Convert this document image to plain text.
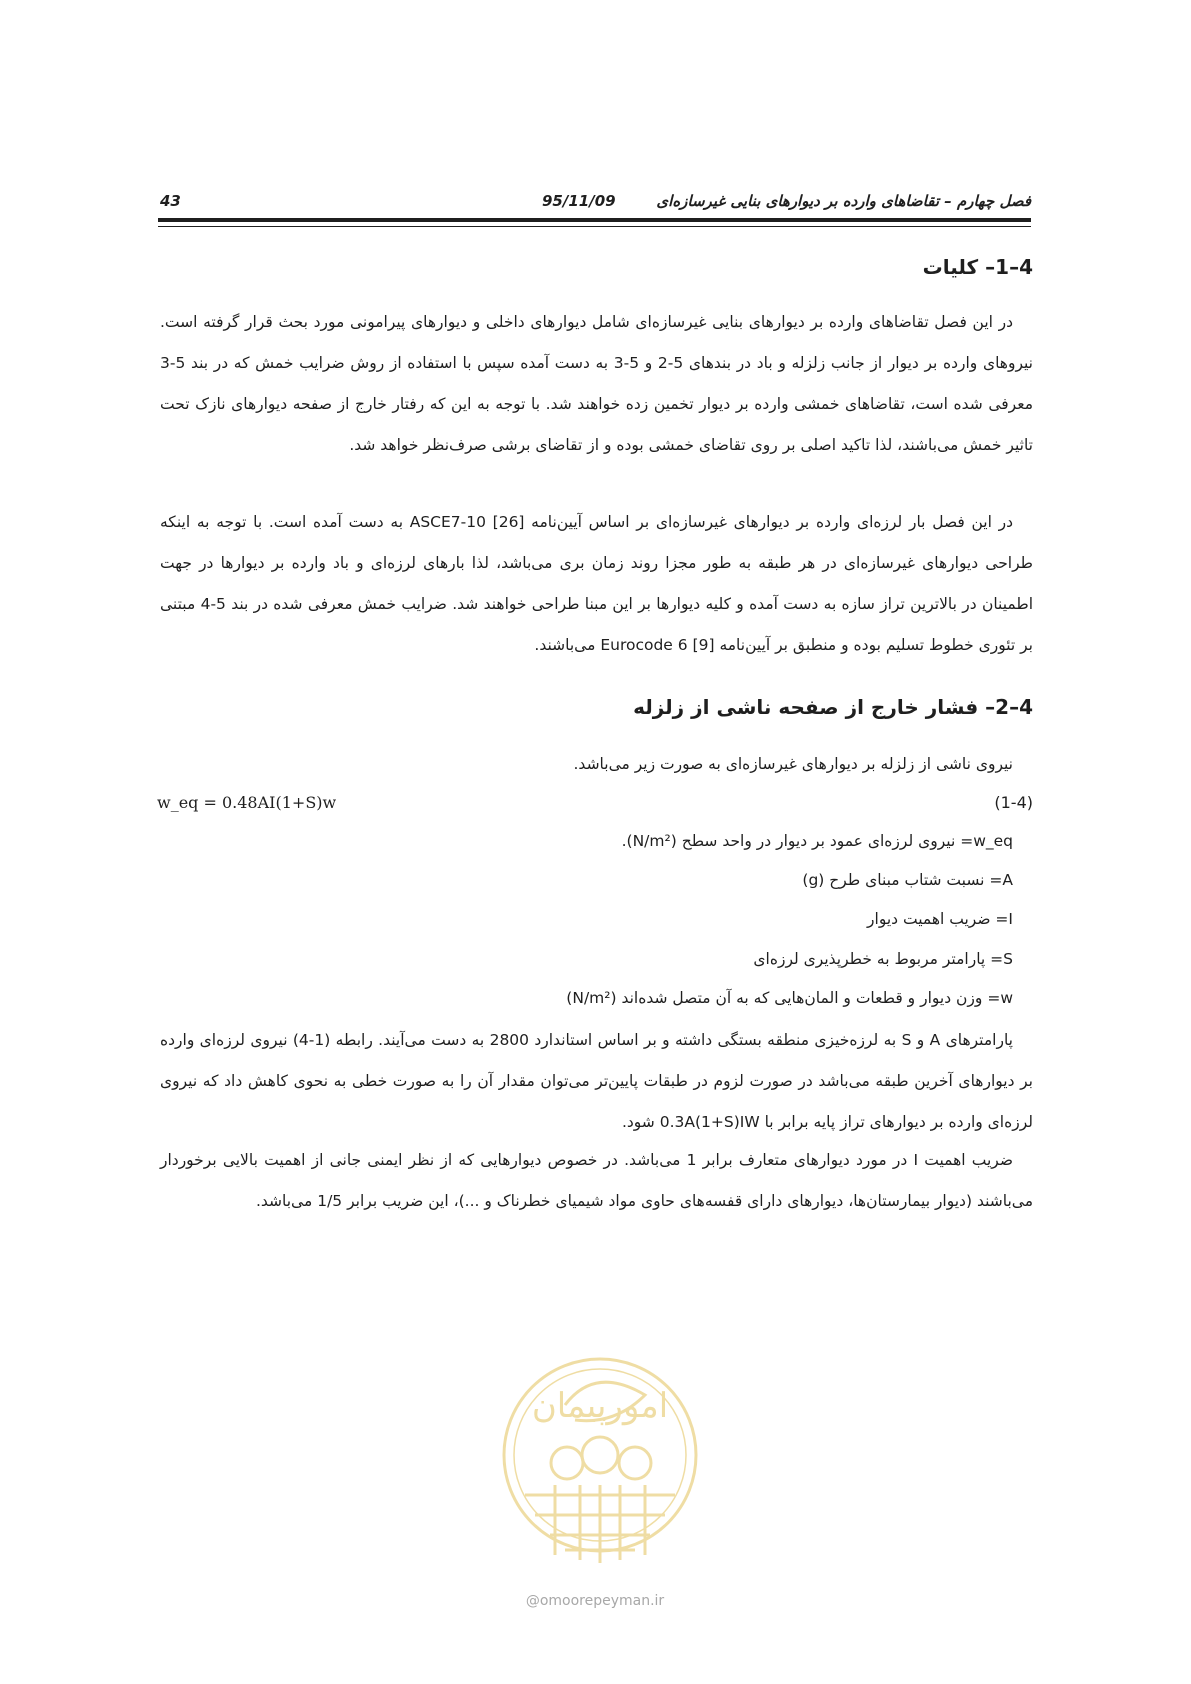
فصل چهارم – تقاضاهای وارده بر دیوارهای بنایی غیرسازه‌ای
95/11/09
43
4–1– کلیات
در این فصل تقاضاهای وارده بر دیوارهای بنایی غیرسازه‌ای شامل دیوارهای داخلی و دیوارهای پیرامونی مورد بحث قرار گرفته است. نیروهای وارده بر دیوار از جانب زلزله و باد در بندهای 5-2 و 5-3 به دست آمده سپس با استفاده از روش ضرایب خمش که در بند 5-3 معرفی شده است، تقاضاهای خمشی وارده بر دیوار تخمین زده خواهند شد. با توجه به این که رفتار خارج از صفحه دیوارهای نازک تحت تاثیر خمش می‌باشند، لذا تاکید اصلی بر روی تقاضای خمشی بوده و از تقاضای برشی صرف‌نظر خواهد شد.
در این فصل بار لرزه‌ای وارده بر دیوارهای غیرسازه‌ای بر اساس آیین‌نامه ASCE7-10 [26] به دست آمده است. با توجه به اینکه طراحی دیوارهای غیرسازه‌ای در هر طبقه به طور مجزا روند زمان بری می‌باشد، لذا بارهای لرزه‌ای و باد وارده بر دیوارها در جهت اطمینان در بالاترین تراز سازه به دست آمده و کلیه دیوارها بر این مبنا طراحی خواهند شد. ضرایب خمش معرفی شده در بند 5-4 مبتنی بر تئوری خطوط تسلیم بوده و منطبق بر آیین‌نامه Eurocode 6 [9] می‌باشند.
4–2– فشار خارج از صفحه ناشی از زلزله
نیروی ناشی از زلزله بر دیوارهای غیرسازه‌ای به صورت زیر می‌باشد.
w_eq = 0.48AI(1+S)w	(1-4)
w_eq= نیروی لرزه‌ای عمود بر دیوار در واحد سطح (N/m²).
A= نسبت شتاب مبنای طرح (g)
I= ضریب اهمیت دیوار
S= پارامتر مربوط به خطرپذیری لرزه‌ای
w= وزن دیوار و قطعات و المان‌هایی که به آن متصل شده‌اند (N/m²)
پارامترهای A و S به لرزه‌خیزی منطقه بستگی داشته و بر اساس استاندارد 2800 به دست می‌آیند. رابطه (1-4) نیروی لرزه‌ای وارده بر دیوارهای آخرین طبقه می‌باشد در صورت لزوم در طبقات پایین‌تر می‌توان مقدار آن را به صورت خطی به نحوی کاهش داد که نیروی لرزه‌ای وارده بر دیوارهای تراز پایه برابر با 0.3A(1+S)IW شود.
ضریب اهمیت I در مورد دیوارهای متعارف برابر 1 می‌باشد. در خصوص دیوارهایی که از نظر ایمنی جانی از اهمیت بالایی برخوردار می‌باشند (دیوار بیمارستان‌ها، دیوارهای دارای قفسه‌های حاوی مواد شیمیای خطرناک و ...)، این ضریب برابر 1/5 می‌باشد.
امورپیمان
@omoorepeyman.ir
